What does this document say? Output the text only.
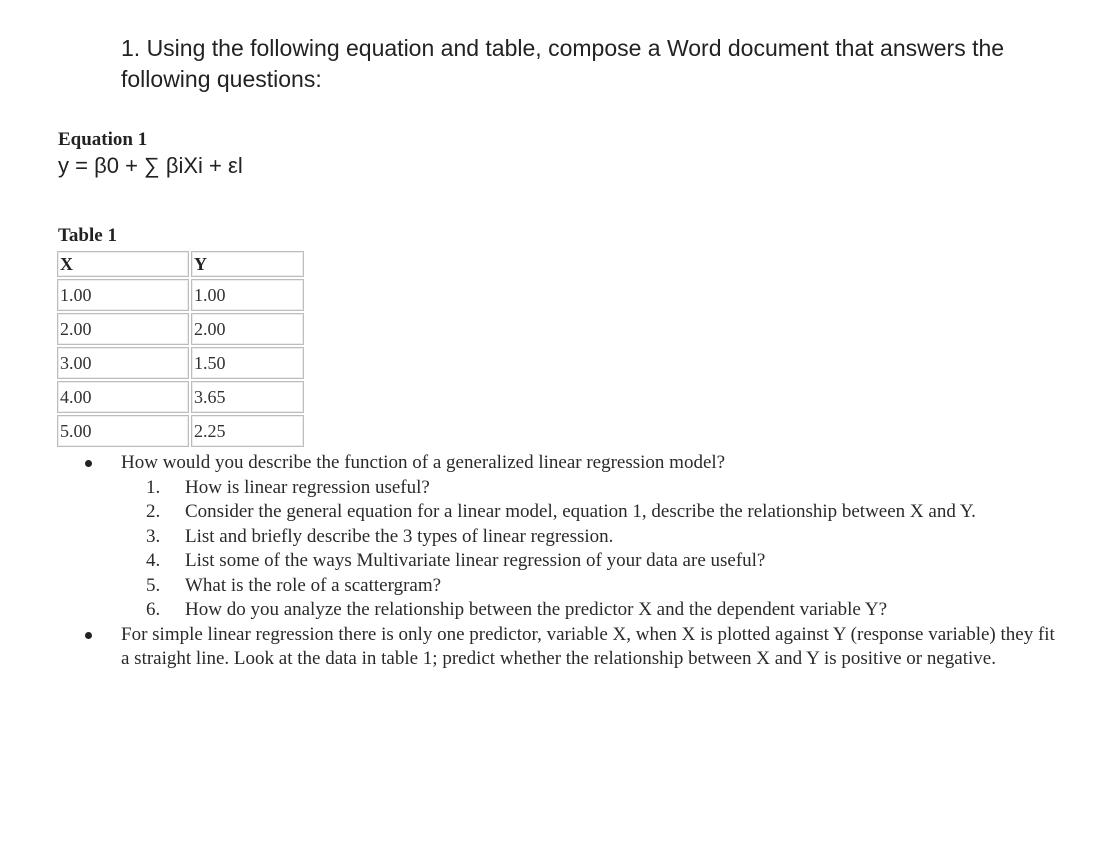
1. Using the following equation and table, compose a Word document that answers the following questions:
Equation 1
y = β0 + ∑ βiXi + εl
Table 1
X	Y
1.00	1.00
2.00	2.00
3.00	1.50
4.00	3.65
5.00	2.25
How would you describe the function of a generalized linear regression model?
1.	How is linear regression useful?
2.	Consider the general equation for a linear model, equation 1, describe the relationship between X and Y.
3.	List and briefly describe the 3 types of linear regression.
4.	List some of the ways Multivariate linear regression of your data are useful?
5.	What is the role of a scattergram?
6.	How do you analyze the relationship between the predictor X and the dependent variable Y?
For simple linear regression there is only one predictor, variable X, when X is plotted against Y (response variable) they fit a straight line. Look at the data in table 1; predict whether the relationship between X and Y is positive or negative.
